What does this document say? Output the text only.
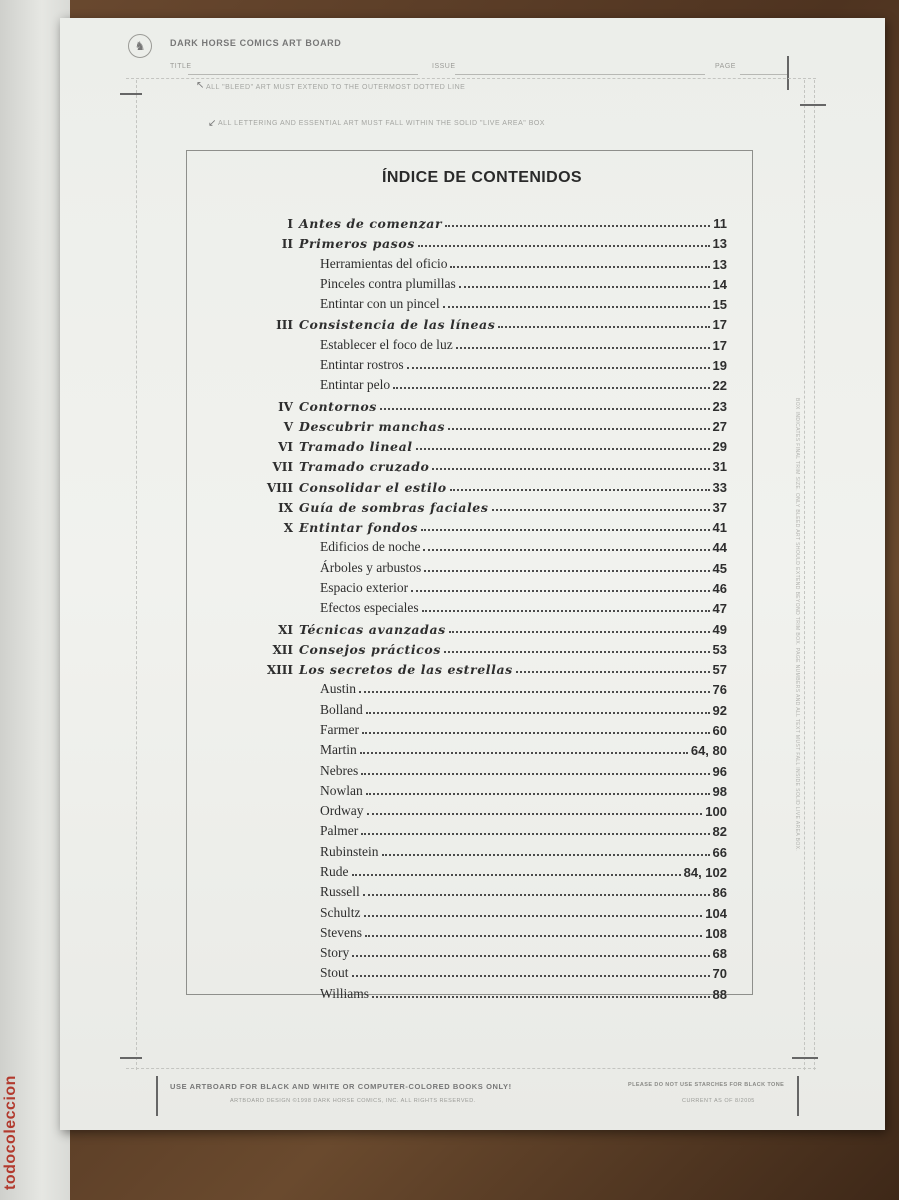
todocoleccion
♞	DARK HORSE COMICS ART BOARD
TITLE	ISSUE	PAGE
ALL "BLEED" ART MUST EXTEND TO THE OUTERMOST DOTTED LINE
ALL LETTERING AND ESSENTIAL ART MUST FALL WITHIN THE SOLID "LIVE AREA" BOX
↖
↙
BOX INDICATES FINAL TRIM SIZE. ONLY BLEED ART SHOULD EXTEND BEYOND TRIM BOX. PAGE NUMBERS AND ALL TEXT MUST FALL INSIDE SOLID LIVE AREA BOX.
ÍNDICE DE CONTENIDOS
I Antes de comenzar	11
II Primeros pasos	13
Herramientas del oficio	13
Pinceles contra plumillas	14
Entintar con un pincel	15
III Consistencia de las líneas	17
Establecer el foco de luz	17
Entintar rostros	19
Entintar pelo	22
IV Contornos	23
V Descubrir manchas	27
VI Tramado lineal	29
VII Tramado cruzado	31
VIII Consolidar el estilo	33
IX Guía de sombras faciales	37
X Entintar fondos	41
Edificios de noche	44
Árboles y arbustos	45
Espacio exterior	46
Efectos especiales	47
XI Técnicas avanzadas	49
XII Consejos prácticos	53
XIII Los secretos de las estrellas	57
Austin	76
Bolland	92
Farmer	60
Martin	64, 80
Nebres	96
Nowlan	98
Ordway	100
Palmer	82
Rubinstein	66
Rude	84, 102
Russell	86
Schultz	104
Stevens	108
Story	68
Stout	70
Williams	88
USE ARTBOARD FOR BLACK AND WHITE OR COMPUTER-COLORED BOOKS ONLY!
ARTBOARD DESIGN ©1998 DARK HORSE COMICS, INC. ALL RIGHTS RESERVED.
PLEASE DO NOT USE STARCHES FOR BLACK TONE
CURRENT AS OF 8/2005
